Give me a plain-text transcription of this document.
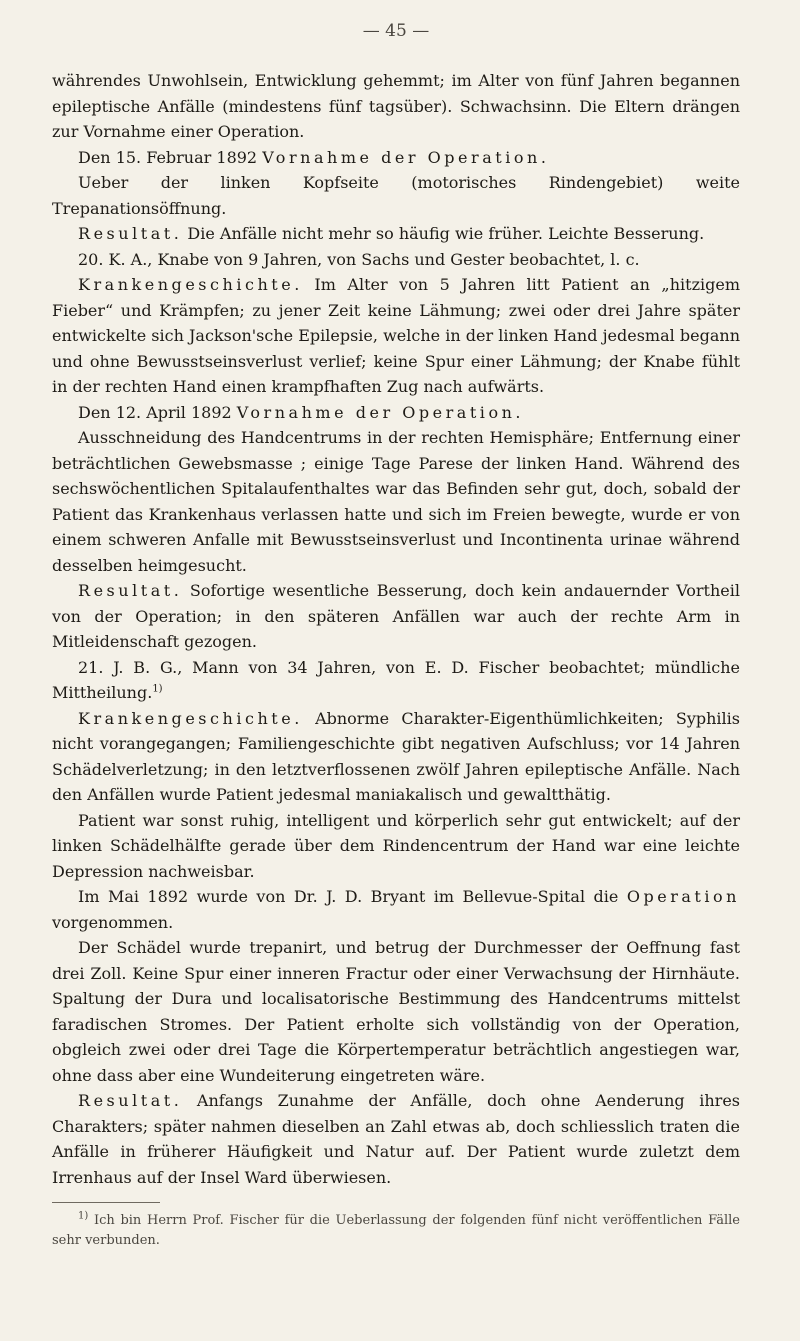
— 45 —

währendes Unwohlsein, Entwicklung gehemmt; im Alter von fünf Jahren begannen epileptische Anfälle (mindestens fünf tagsüber). Schwachsinn. Die Eltern drängen zur Vornahme einer Operation.

Den 15. Februar 1892 Vornahme der Operation.

Ueber der linken Kopfseite (motorisches Rindengebiet) weite Trepanationsöffnung.

Resultat. Die Anfälle nicht mehr so häufig wie früher. Leichte Besserung.

20. K. A., Knabe von 9 Jahren, von Sachs und Gester beobachtet, l. c.

Krankengeschichte. Im Alter von 5 Jahren litt Patient an „hitzigem Fieber“ und Krämpfen; zu jener Zeit keine Lähmung; zwei oder drei Jahre später entwickelte sich Jackson'sche Epilepsie, welche in der linken Hand jedesmal begann und ohne Bewusstseinsverlust verlief; keine Spur einer Lähmung; der Knabe fühlt in der rechten Hand einen krampfhaften Zug nach aufwärts.

Den 12. April 1892 Vornahme der Operation.

Ausschneidung des Handcentrums in der rechten Hemisphäre; Entfernung einer beträchtlichen Gewebsmasse ; einige Tage Parese der linken Hand. Während des sechswöchentlichen Spitalaufenthaltes war das Befinden sehr gut, doch, sobald der Patient das Krankenhaus verlassen hatte und sich im Freien bewegte, wurde er von einem schweren Anfalle mit Bewusstseinsverlust und Incontinenta urinae während desselben heimgesucht.

Resultat. Sofortige wesentliche Besserung, doch kein andauernder Vortheil von der Operation; in den späteren Anfällen war auch der rechte Arm in Mitleidenschaft gezogen.

21. J. B. G., Mann von 34 Jahren, von E. D. Fischer beobachtet; mündliche Mittheilung.$^{1)}$

Krankengeschichte. Abnorme Charakter-Eigenthümlichkeiten; Syphilis nicht vorangegangen; Familiengeschichte gibt negativen Aufschluss; vor 14 Jahren Schädelverletzung; in den letztverflossenen zwölf Jahren epileptische Anfälle. Nach den Anfällen wurde Patient jedesmal maniakalisch und gewaltthätig.

Patient war sonst ruhig, intelligent und körperlich sehr gut entwickelt; auf der linken Schädelhälfte gerade über dem Rindencentrum der Hand war eine leichte Depression nachweisbar.

Im Mai 1892 wurde von Dr. J. D. Bryant im Bellevue-Spital die Operation vorgenommen.

Der Schädel wurde trepanirt, und betrug der Durchmesser der Oeffnung fast drei Zoll. Keine Spur einer inneren Fractur oder einer Verwachsung der Hirnhäute. Spaltung der Dura und localisatorische Bestimmung des Handcentrums mittelst faradischen Stromes. Der Patient erholte sich vollständig von der Operation, obgleich zwei oder drei Tage die Körpertemperatur beträchtlich angestiegen war, ohne dass aber eine Wundeiterung eingetreten wäre.

Resultat. Anfangs Zunahme der Anfälle, doch ohne Aenderung ihres Charakters; später nahmen dieselben an Zahl etwas ab, doch schliesslich traten die Anfälle in früherer Häufigkeit und Natur auf. Der Patient wurde zuletzt dem Irrenhaus auf der Insel Ward überwiesen.

$^{1)}$ Ich bin Herrn Prof. Fischer für die Ueberlassung der folgenden fünf nicht veröffentlichen Fälle sehr verbunden.
